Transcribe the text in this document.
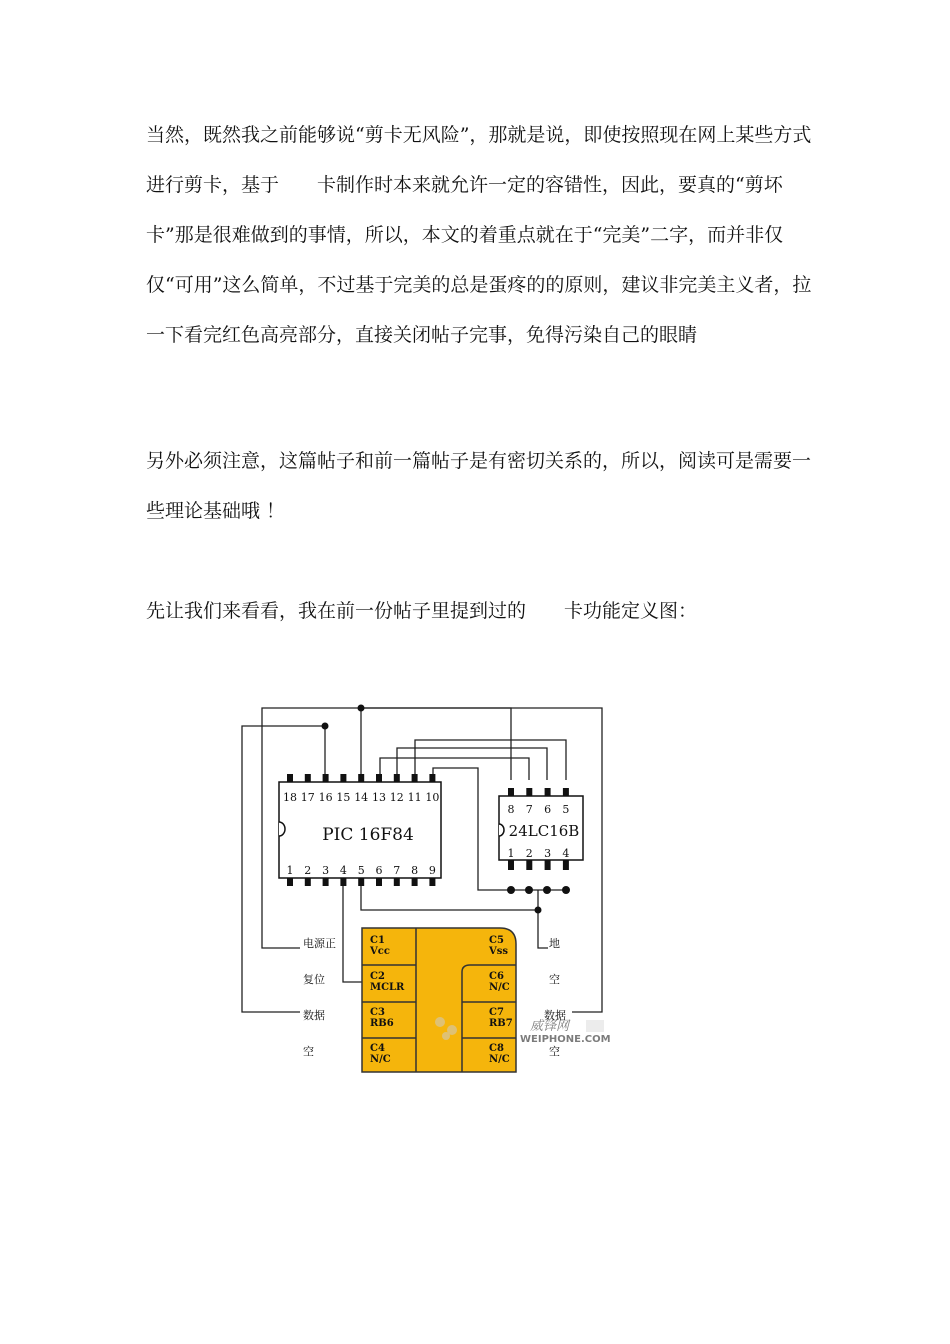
当然，既然我之前能够说“剪卡无风险”，那就是说，即使按照现在网上某些方式进行剪卡，基于　　卡制作时本来就允许一定的容错性，因此，要真的“剪坏卡”那是很难做到的事情，所以，本文的着重点就在于“完美”二字，而并非仅仅“可用”这么简单，不过基于完美的总是蛋疼的的原则，建议非完美主义者，拉一下看完红色高亮部分，直接关闭帖子完事，免得污染自己的眼睛

另外必须注意，这篇帖子和前一篇帖子是有密切关系的，所以，阅读可是需要一些理论基础哦 ！

先让我们来看看，我在前一份帖子里提到过的　　卡功能定义图：

18 17 16 15 14 13 12 11 10
1 2 3 4 5 6 7 8 9
PIC 16F84
8 7 6 5
1 2 3 4
24LC16B
C1
Vcc
C2
MCLR
C3
RB6
C4
N/C
C5
Vss
C6
N/C
C7
RB7
C8
N/C
威锋网
WEIPHONE.COM
电源正
复位
数据
空
地
空
数据
空
